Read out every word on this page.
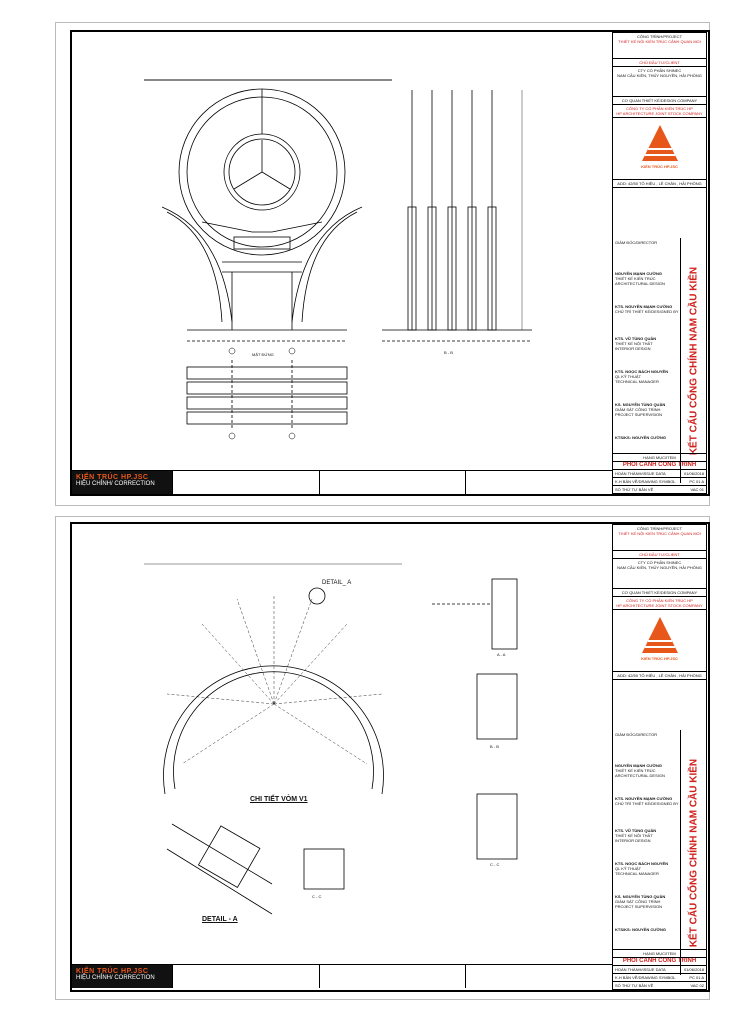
MẶT ĐỨNG	B - B
CÔNG TRÌNH/PROJECT
THIẾT KẾ NỘI KIẾN TRÚC CẢNH QUAN MOI
CHỦ ĐẦU TƯ/CLIENT
CTY CỔ PHẦN SHINEC
NAM CẦU KIỀN, THỦY NGUYÊN, HẢI PHÒNG
CƠ QUAN THIẾT KẾ/DESIGN COMPANY
CÔNG TY CỔ PHẦN KIẾN TRÚC HP
HP ARCHITECTURE JOINT STOCK COMPANY
KIẾN TRÚC HP.JSC
ADD: 42/50 TÔ HIỆU , LÊ CHÂN , HẢI PHÒNG
KẾT CẤU CỔNG CHÍNH NAM CẦU KIỀN
GIÁM ĐỐC/DIRECTOR
NGUYỄN MẠNH CƯỜNG
THIẾT KẾ KIẾN TRÚC
ARCHITECTURAL DESIGN
KTS. NGUYỄN MẠNH CƯỜNG
CHỦ TRÌ THIẾT KẾ/DESIGNED BY
KTS. VŨ TÙNG QUÂN
THIẾT KẾ NỘI THẤT
INTERIOR DESIGN
KTS. NGỌC BÁCH NGUYÊN
QL KỸ THUẬT
TECHNICAL MANAGER
KS. NGUYỄN TÙNG QUÂN
GIÁM SÁT CÔNG TRÌNH
PROJECT SUPERVISION
KTS/KS: NGUYỄN CƯỜNG
HẠNG MỤC/ITEM
PHỐI CẢNH CÔNG TRÌNH
HOÀN THÀNH/ISSUE DATA	01/06/2018
K.H BẢN VẼ/DRAWING SYMBOL	PC 01 A
SỐ THỨ TỰ BẢN VẼ	VAC 01
KIẾN TRÚC HP.JSC
HIỆU CHỈNH/ CORRECTION
CHI TIẾT VÒM V1
DETAIL_ A
A - A
B - B
C - C
C - C
DETAIL - A
CÔNG TRÌNH/PROJECT
THIẾT KẾ NỘI KIẾN TRÚC CẢNH QUAN MOI
CHỦ ĐẦU TƯ/CLIENT
CTY CỔ PHẦN SHINEC
NAM CẦU KIỀN, THỦY NGUYÊN, HẢI PHÒNG
CƠ QUAN THIẾT KẾ/DESIGN COMPANY
CÔNG TY CỔ PHẦN KIẾN TRÚC HP
HP ARCHITECTURE JOINT STOCK COMPANY
KIẾN TRÚC HP.JSC
ADD: 42/50 TÔ HIỆU , LÊ CHÂN , HẢI PHÒNG
KẾT CẤU CỔNG CHÍNH NAM CẦU KIỀN
GIÁM ĐỐC/DIRECTOR
NGUYỄN MẠNH CƯỜNG
THIẾT KẾ KIẾN TRÚC
ARCHITECTURAL DESIGN
KTS. NGUYỄN MẠNH CƯỜNG
CHỦ TRÌ THIẾT KẾ/DESIGNED BY
KTS. VŨ TÙNG QUÂN
THIẾT KẾ NỘI THẤT
INTERIOR DESIGN
KTS. NGỌC BÁCH NGUYÊN
QL KỸ THUẬT
TECHNICAL MANAGER
KS. NGUYỄN TÙNG QUÂN
GIÁM SÁT CÔNG TRÌNH
PROJECT SUPERVISION
KTS/KS: NGUYỄN CƯỜNG
HẠNG MỤC/ITEM
PHỐI CẢNH CÔNG TRÌNH
HOÀN THÀNH/ISSUE DATA	01/06/2018
K.H BẢN VẼ/DRAWING SYMBOL	PC 01 A
SỐ THỨ TỰ BẢN VẼ	VAC 02
KIẾN TRÚC HP.JSC
HIỆU CHỈNH/ CORRECTION
